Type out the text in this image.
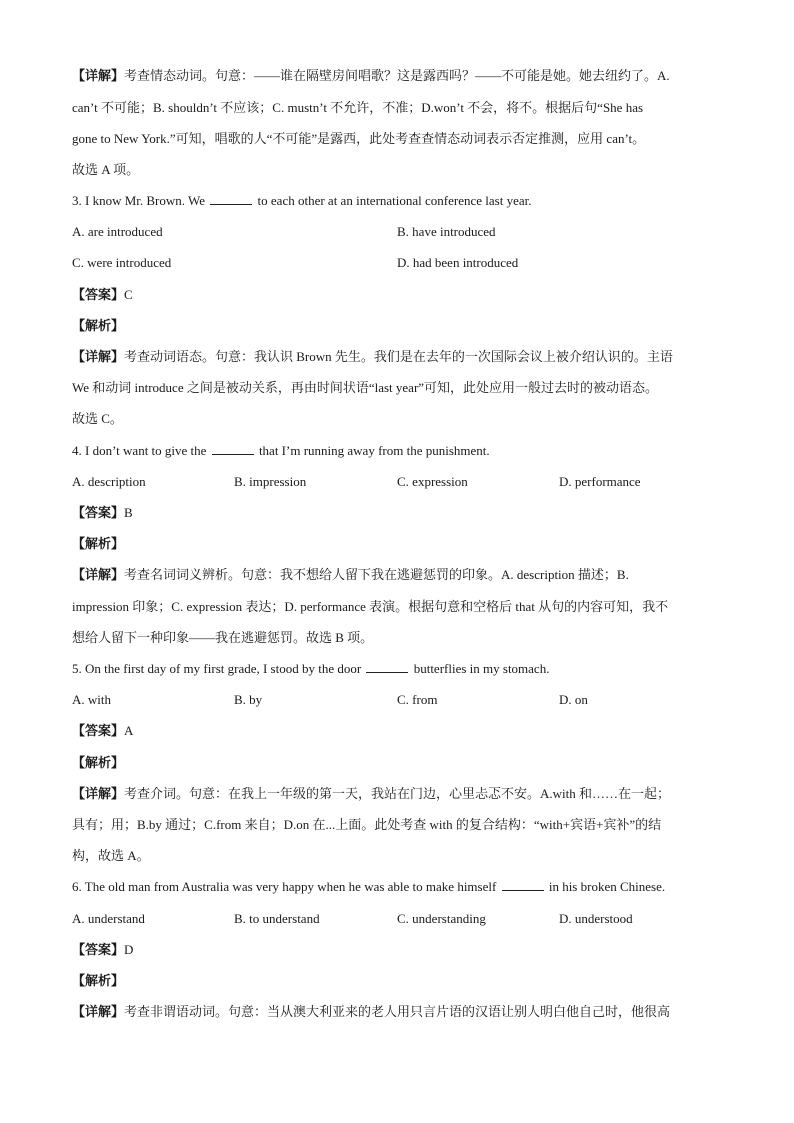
【详解】考查情态动词。句意：——谁在隔壁房间唱歌？这是露西吗？——不可能是她。她去纽约了。A.
can’t 不可能；B. shouldn’t 不应该；C. mustn’t 不允许，不准；D.won’t 不会，将不。根据后句“She has
gone to New York.”可知，唱歌的人“不可能”是露西，此处考查查情态动词表示否定推测，应用 can’t。
故选 A 项。
3. I know Mr. Brown. We	to each other at an international conference last year.
A. are introduced	B. have introduced
C. were introduced	D. had been introduced
【答案】C
【解析】
【详解】考查动词语态。句意：我认识 Brown 先生。我们是在去年的一次国际会议上被介绍认识的。主语
We 和动词 introduce 之间是被动关系，再由时间状语“last year”可知，此处应用一般过去时的被动语态。
故选 C。
4. I don’t want to give the	that I’m running away from the punishment.
A. description	B. impression	C. expression	D. performance
【答案】B
【解析】
【详解】考查名词词义辨析。句意：我不想给人留下我在逃避惩罚的印象。A. description 描述；B.
impression 印象；C. expression 表达；D. performance 表演。根据句意和空格后 that 从句的内容可知，我不
想给人留下一种印象——我在逃避惩罚。故选 B 项。
5. On the first day of my first grade, I stood by the door	butterflies in my stomach.
A. with	B. by	C. from	D. on
【答案】A
【解析】
【详解】考查介词。句意：在我上一年级的第一天，我站在门边，心里忐忑不安。A.with 和……在一起；
具有；用；B.by 通过；C.from 来自；D.on 在...上面。此处考查 with 的复合结构：“with+宾语+宾补”的结
构，故选 A。
6. The old man from Australia was very happy when he was able to make himself	in his broken Chinese.
A. understand	B. to understand	C. understanding	D. understood
【答案】D
【解析】
【详解】考查非谓语动词。句意：当从澳大利亚来的老人用只言片语的汉语让别人明白他自己时，他很高
